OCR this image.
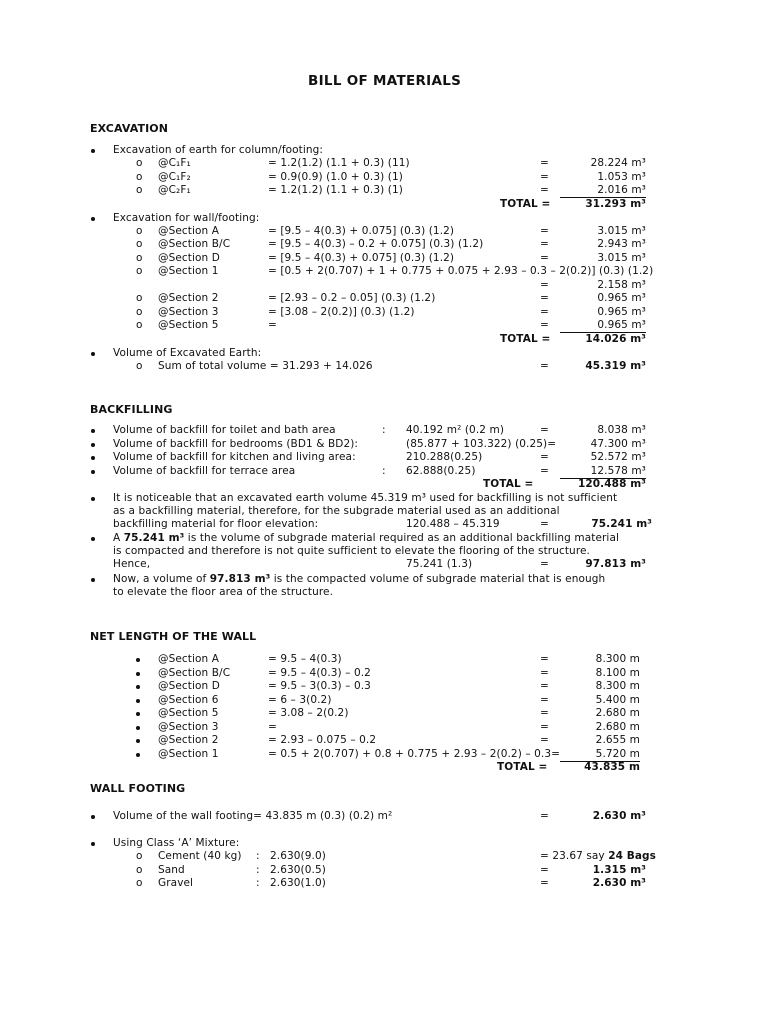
BILL OF MATERIALS
EXCAVATION
Excavation of earth for column/footing:
o @C₁F₁	= 1.2(1.2) (1.1 + 0.3) (11)	=	28.224 m³
o @C₁F₂	= 0.9(0.9) (1.0 + 0.3) (1)	=	1.053 m³
o @C₂F₁	= 1.2(1.2) (1.1 + 0.3) (1)	=	2.016 m³
TOTAL =	31.293 m³
Excavation for wall/footing:
o @Section A	= [9.5 – 4(0.3) + 0.075] (0.3) (1.2)	=	3.015 m³
o @Section B/C	= [9.5 – 4(0.3) – 0.2 + 0.075] (0.3) (1.2)	=	2.943 m³
o @Section D	= [9.5 – 4(0.3) + 0.075] (0.3) (1.2)	=	3.015 m³
o @Section 1	= [0.5 + 2(0.707) + 1 + 0.775 + 0.075 + 2.93 – 0.3 – 2(0.2)] (0.3) (1.2)
=	2.158 m³
o @Section 2	= [2.93 – 0.2 – 0.05] (0.3) (1.2)	=	0.965 m³
o @Section 3	= [3.08 – 2(0.2)] (0.3) (1.2)	=	0.965 m³
o @Section 5	=	=	0.965 m³
TOTAL =	14.026 m³
Volume of Excavated Earth:
o Sum of total volume = 31.293 + 14.026	=	45.319 m³
BACKFILLING
Volume of backfill for toilet and bath area	: 40.192 m² (0.2 m)	=	8.038 m³
Volume of backfill for bedrooms (BD1 & BD2):	(85.877 + 103.322) (0.25)=	47.300 m³
Volume of backfill for kitchen and living area:	210.288(0.25)	=	52.572 m³
Volume of backfill for terrace area	: 62.888(0.25)	=	12.578 m³
TOTAL =	120.488 m³
It is noticeable that an excavated earth volume 45.319 m³ used for backfilling is not sufficient
as a backfilling material, therefore, for the subgrade material used as an additional
backfilling material for floor elevation:	120.488 – 45.319	=	75.241 m³
A 75.241 m³ is the volume of subgrade material required as an additional backfilling material
is compacted and therefore is not quite sufficient to elevate the flooring of the structure.
Hence,	75.241 (1.3)	=	97.813 m³
Now, a volume of 97.813 m³ is the compacted volume of subgrade material that is enough
to elevate the floor area of the structure.
NET LENGTH OF THE WALL
@Section A	= 9.5 – 4(0.3)	=	8.300 m
@Section B/C	= 9.5 – 4(0.3) – 0.2	=	8.100 m
@Section D	= 9.5 – 3(0.3) – 0.3	=	8.300 m
@Section 6	= 6 – 3(0.2)	=	5.400 m
@Section 5	= 3.08 – 2(0.2)	=	2.680 m
@Section 3	=	=	2.680 m
@Section 2	= 2.93 – 0.075 – 0.2	=	2.655 m
@Section 1	= 0.5 + 2(0.707) + 0.8 + 0.775 + 2.93 – 2(0.2) – 0.3=	5.720 m
TOTAL =	43.835 m
WALL FOOTING
Volume of the wall footing= 43.835 m (0.3) (0.2) m²	=	2.630 m³
Using Class ‘A’ Mixture:
o Cement (40 kg) : 2.630(9.0)	= 23.67 say 24 Bags
o Sand	: 2.630(0.5)	=	1.315 m³
o Gravel	: 2.630(1.0)	=	2.630 m³
